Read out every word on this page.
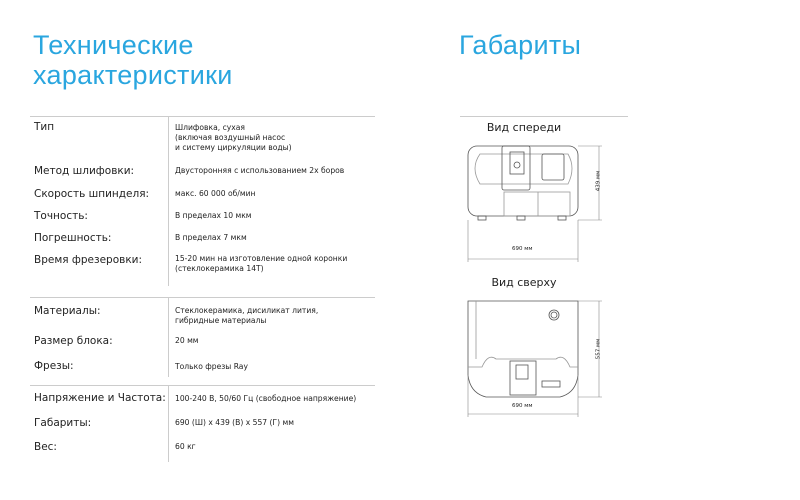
Технические
характеристики
Габариты
Тип	Шлифовка, сухая
(включая воздушный насос
и систему циркуляции воды)
Метод шлифовки:	Двусторонняя с использованием 2х боров
Скорость шпинделя:	макс. 60 000 об/мин
Точность:	В пределах 10 мкм
Погрешность:	В пределах 7 мкм
Время фрезеровки:	15-20 мин на изготовление одной коронки
(стеклокерамика 14T)
Материалы:	Стеклокерамика, дисиликат лития,
гибридные материалы
Размер блока:	20 мм
Фрезы:	Только фрезы Ray
Напряжение и Частота: 100-240 В, 50/60 Гц (свободное напряжение)
Габариты:	690 (Ш) x 439 (В) x 557 (Г) мм
Вес:	60 кг
Вид спереди
690 мм
439 мм
Вид сверху
690 мм
557 мм
